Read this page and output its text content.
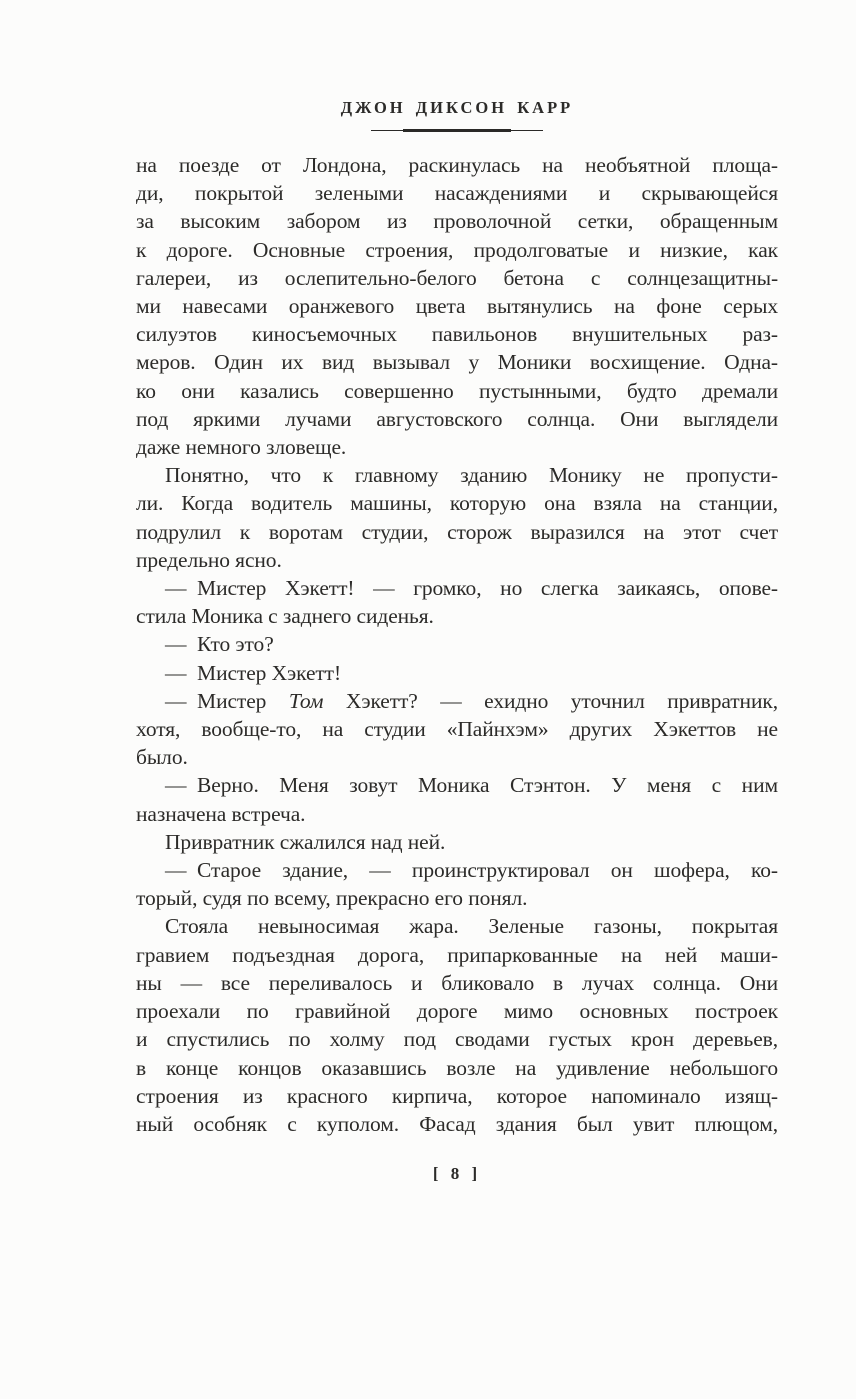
ДЖОН ДИКСОН КАРР
на поезде от Лондона, раскинулась на необъятной площа-
ди, покрытой зелеными насаждениями и скрывающейся
за высоким забором из проволочной сетки, обращенным
к дороге. Основные строения, продолговатые и низкие, как
галереи, из ослепительно-белого бетона с солнцезащитны-
ми навесами оранжевого цвета вытянулись на фоне серых
силуэтов киносъемочных павильонов внушительных раз-
меров. Один их вид вызывал у Моники восхищение. Одна-
ко они казались совершенно пустынными, будто дремали
под яркими лучами августовского солнца. Они выглядели
даже немного зловеще.
Понятно, что к главному зданию Монику не пропусти-
ли. Когда водитель машины, которую она взяла на станции,
подрулил к воротам студии, сторож выразился на этот счет
предельно ясно.
— Мистер Хэкетт! — громко, но слегка заикаясь, опове-
стила Моника с заднего сиденья.
— Кто это?
— Мистер Хэкетт!
— Мистер Том Хэкетт? — ехидно уточнил привратник,
хотя, вообще-то, на студии «Пайнхэм» других Хэкеттов не
было.
— Верно. Меня зовут Моника Стэнтон. У меня с ним
назначена встреча.
Привратник сжалился над ней.
— Старое здание, — проинструктировал он шофера, ко-
торый, судя по всему, прекрасно его понял.
Стояла невыносимая жара. Зеленые газоны, покрытая
гравием подъездная дорога, припаркованные на ней маши-
ны — все переливалось и бликовало в лучах солнца. Они
проехали по гравийной дороге мимо основных построек
и спустились по холму под сводами густых крон деревьев,
в конце концов оказавшись возле на удивление небольшого
строения из красного кирпича, которое напоминало изящ-
ный особняк с куполом. Фасад здания был увит плющом,
[ 8 ]
